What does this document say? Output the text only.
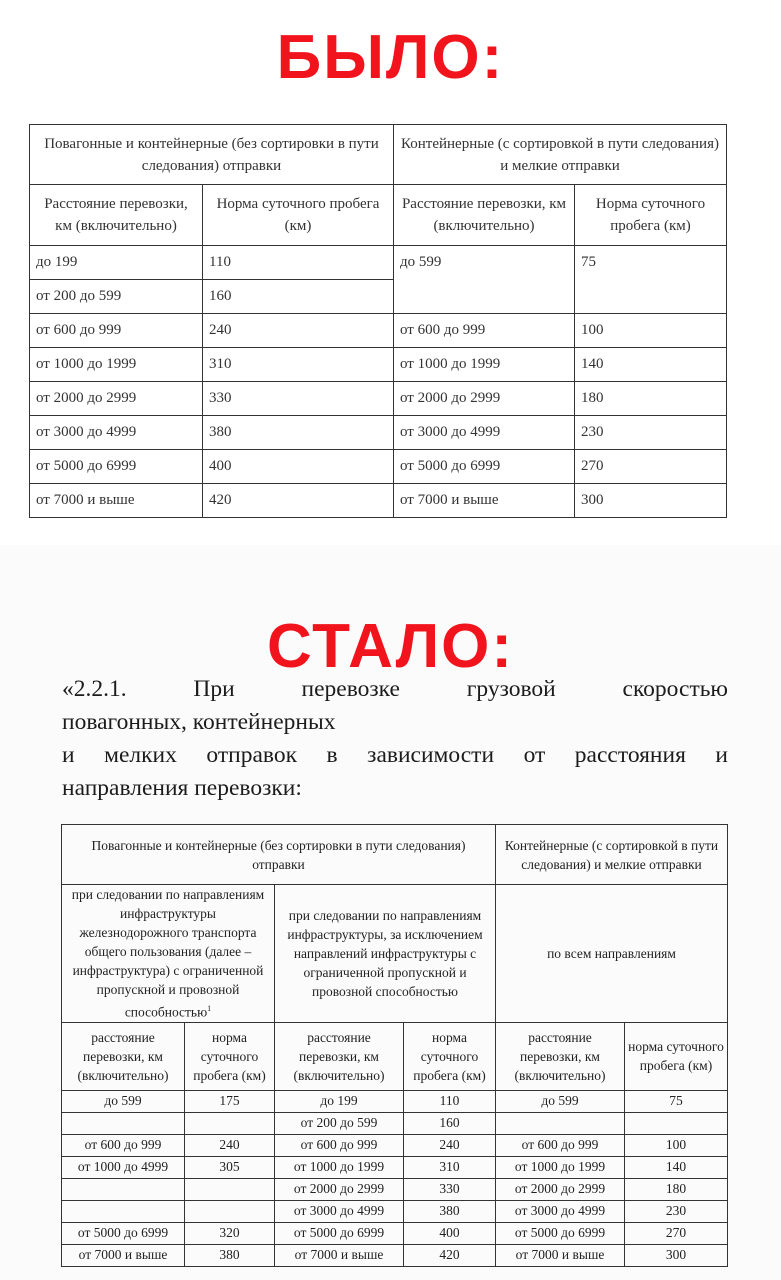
БЫЛО:
Повагонные и контейнерные (без сортировки в пути следования) отправки		Контейнерные (с сортировкой в пути следования) и мелкие отправки	
Расстояние перевозки, км (включительно)	Норма суточного пробега (км)	Расстояние перевозки, км (включительно)	Норма суточного пробега (км)
до 199	110	до 599	75
от 200 до 599	160		
от 600 до 999	240	от 600 до 999	100
от 1000 до 1999	310	от 1000 до 1999	140
от 2000 до 2999	330	от 2000 до 2999	180
от 3000 до 4999	380	от 3000 до 4999	230
от 5000 до 6999	400	от 5000 до 6999	270
от 7000 и выше	420	от 7000 и выше	300
СТАЛО:
«2.2.1. При перевозке грузовой скоростью
повагонных, контейнерных
и мелких отправок в зависимости от расстояния и
направления перевозки:
Повагонные и контейнерные (без сортировки в пути следования) отправки				Контейнерные (с сортировкой в пути следования) и мелкие отправки	
при следовании по направлениям инфраструктуры железнодорожного транспорта общего пользования (далее – инфраструктура) с ограниченной пропускной и провозной способностью$^1$		при следовании по направлениям инфраструктуры, за исключением направлений инфраструктуры с ограниченной пропускной и провозной способностью		по всем направлениям	
расстояние перевозки, км (включительно)	норма суточного пробега (км)	расстояние перевозки, км (включительно)	норма суточного пробега (км)	расстояние перевозки, км (включительно)	норма суточного пробега (км)
до 599	175	до 199	110	до 599	75
		от 200 до 599	160		
от 600 до 999	240	от 600 до 999	240	от 600 до 999	100
от 1000 до 4999	305	от 1000 до 1999	310	от 1000 до 1999	140
		от 2000 до 2999	330	от 2000 до 2999	180
		от 3000 до 4999	380	от 3000 до 4999	230
от 5000 до 6999	320	от 5000 до 6999	400	от 5000 до 6999	270
от 7000 и выше	380	от 7000 и выше	420	от 7000 и выше	300
